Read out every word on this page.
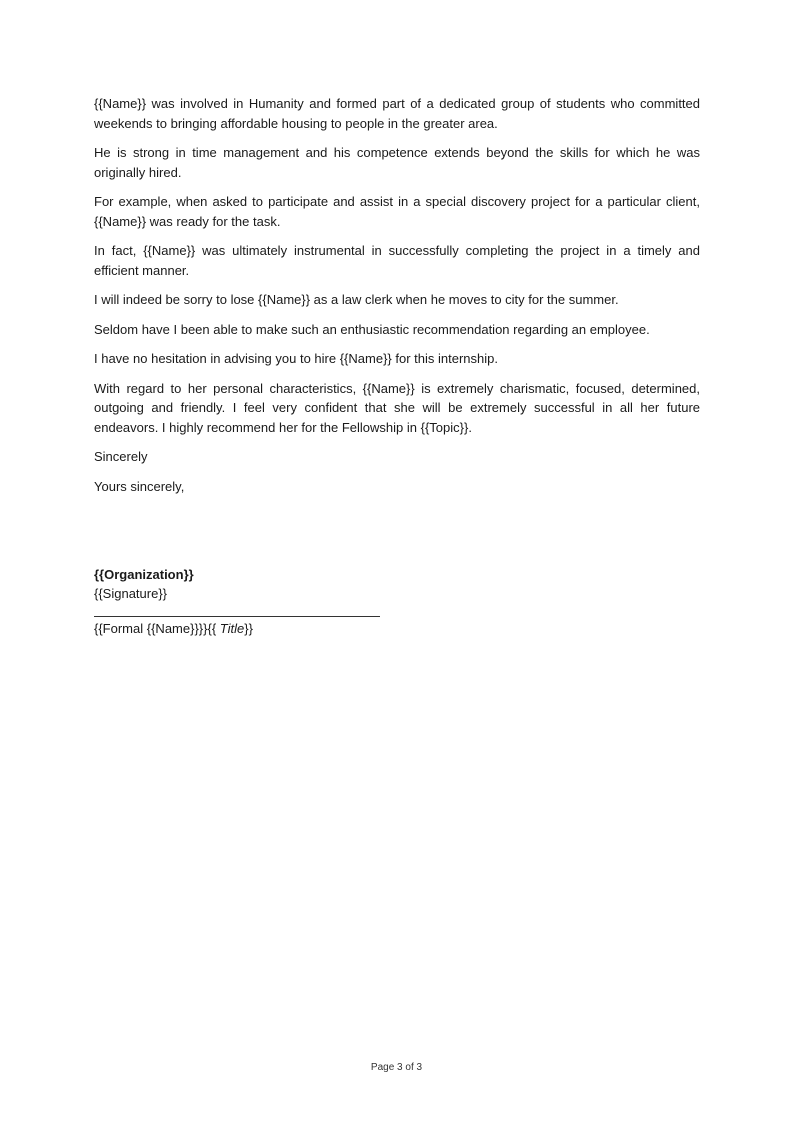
{{Name}} was involved in Humanity and formed part of a dedicated group of students who committed weekends to bringing affordable housing to people in the greater area.

He is strong in time management and his competence extends beyond the skills for which he was originally hired.

For example, when asked to participate and assist in a special discovery project for a particular client, {{Name}} was ready for the task.

In fact, {{Name}} was ultimately instrumental in successfully completing the project in a timely and efficient manner.

I will indeed be sorry to lose {{Name}} as a law clerk when he moves to city for the summer.

Seldom have I been able to make such an enthusiastic recommendation regarding an employee.

I have no hesitation in advising you to hire {{Name}} for this internship.

With regard to her personal characteristics, {{Name}} is extremely charismatic, focused, determined, outgoing and friendly. I feel very confident that she will be extremely successful in all her future endeavors. I highly recommend her for the Fellowship in {{Topic}}.

Sincerely
Yours sincerely,
{{Organization}}
{{Signature}}
{{Formal {{Name}}}}{{ Title}}
Page 3 of 3
